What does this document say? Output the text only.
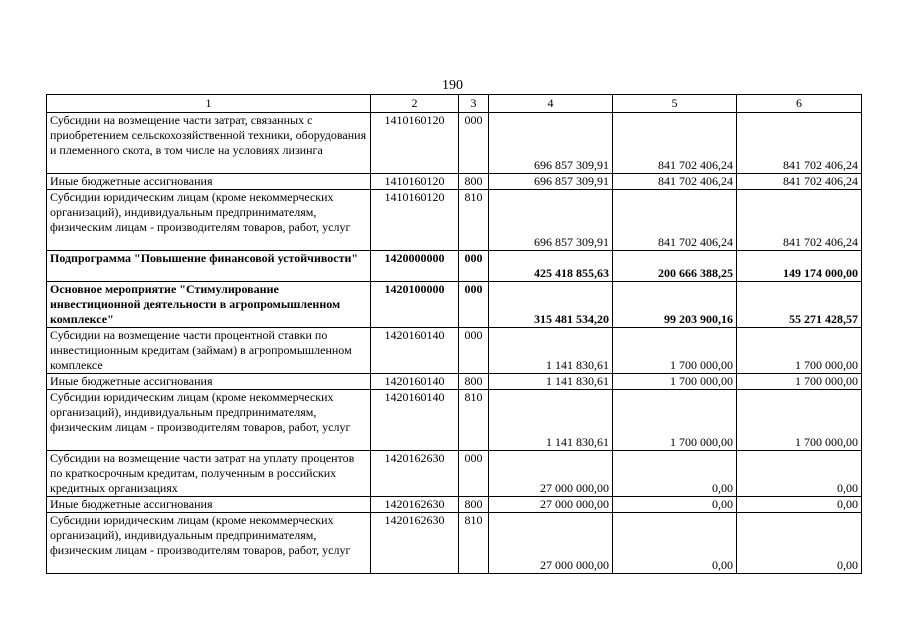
190
1	2	3	4	5	6
Субсидии на возмещение части затрат, связанных с приобретением сельскохозяйственной техники, оборудования и племенного скота, в том числе на условиях лизинга	1410160120	000	696 857 309,91	841 702 406,24	841 702 406,24
Иные бюджетные ассигнования	1410160120	800	696 857 309,91	841 702 406,24	841 702 406,24
Субсидии юридическим лицам (кроме некоммерческих организаций), индивидуальным предпринимателям, физическим лицам - производителям товаров, работ, услуг	1410160120	810	696 857 309,91	841 702 406,24	841 702 406,24
Подпрограмма "Повышение финансовой устойчивости"	1420000000	000	425 418 855,63	200 666 388,25	149 174 000,00
Основное мероприятие "Стимулирование инвестиционной деятельности в агропромышленном комплексе"	1420100000	000	315 481 534,20	99 203 900,16	55 271 428,57
Субсидии на возмещение части процентной ставки по инвестиционным кредитам (займам) в агропромышленном комплексе	1420160140	000	1 141 830,61	1 700 000,00	1 700 000,00
Иные бюджетные ассигнования	1420160140	800	1 141 830,61	1 700 000,00	1 700 000,00
Субсидии юридическим лицам (кроме некоммерческих организаций), индивидуальным предпринимателям, физическим лицам - производителям товаров, работ, услуг	1420160140	810	1 141 830,61	1 700 000,00	1 700 000,00
Субсидии на возмещение части затрат на уплату процентов по краткосрочным кредитам, полученным в российских кредитных организациях	1420162630	000	27 000 000,00	0,00	0,00
Иные бюджетные ассигнования	1420162630	800	27 000 000,00	0,00	0,00
Субсидии юридическим лицам (кроме некоммерческих организаций), индивидуальным предпринимателям, физическим лицам - производителям товаров, работ, услуг	1420162630	810	27 000 000,00	0,00	0,00
